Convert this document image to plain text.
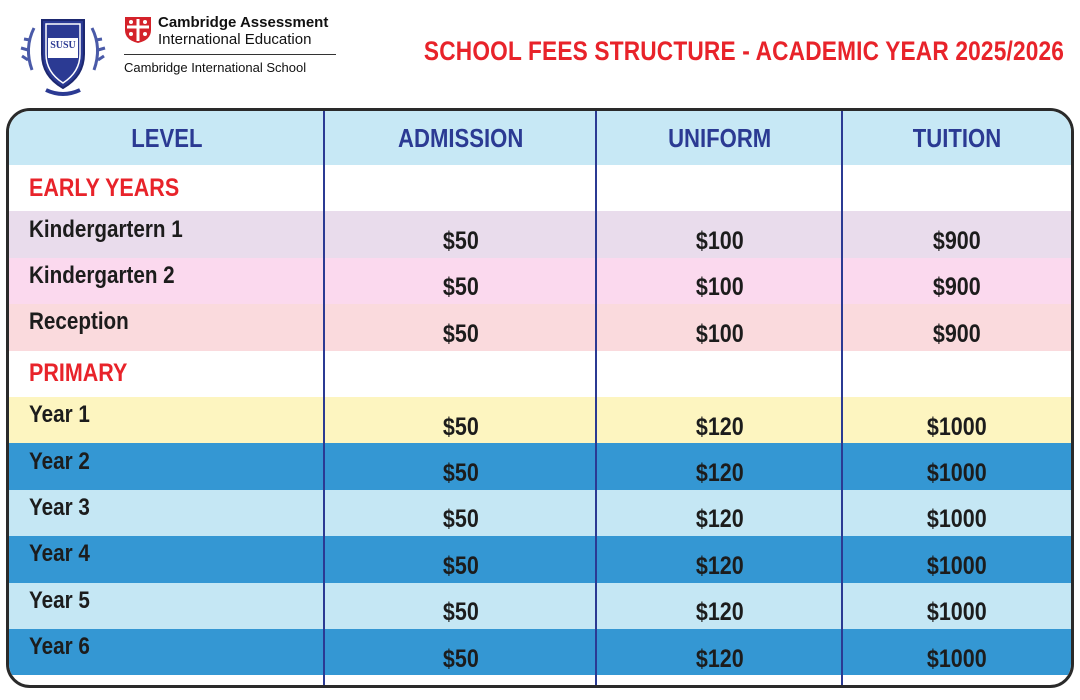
SUSU
Cambridge Assessment
International Education
Cambridge International School
SCHOOL FEES STRUCTURE - ACADEMIC YEAR 2025/2026
LEVEL	ADMISSION	UNIFORM	TUITION
EARLY YEARS
Kindergartern 1	$50	$100	$900
Kindergarten 2	$50	$100	$900
Reception	$50	$100	$900
PRIMARY
Year 1	$50	$120	$1000
Year 2	$50	$120	$1000
Year 3	$50	$120	$1000
Year 4	$50	$120	$1000
Year 5	$50	$120	$1000
Year 6	$50	$120	$1000
